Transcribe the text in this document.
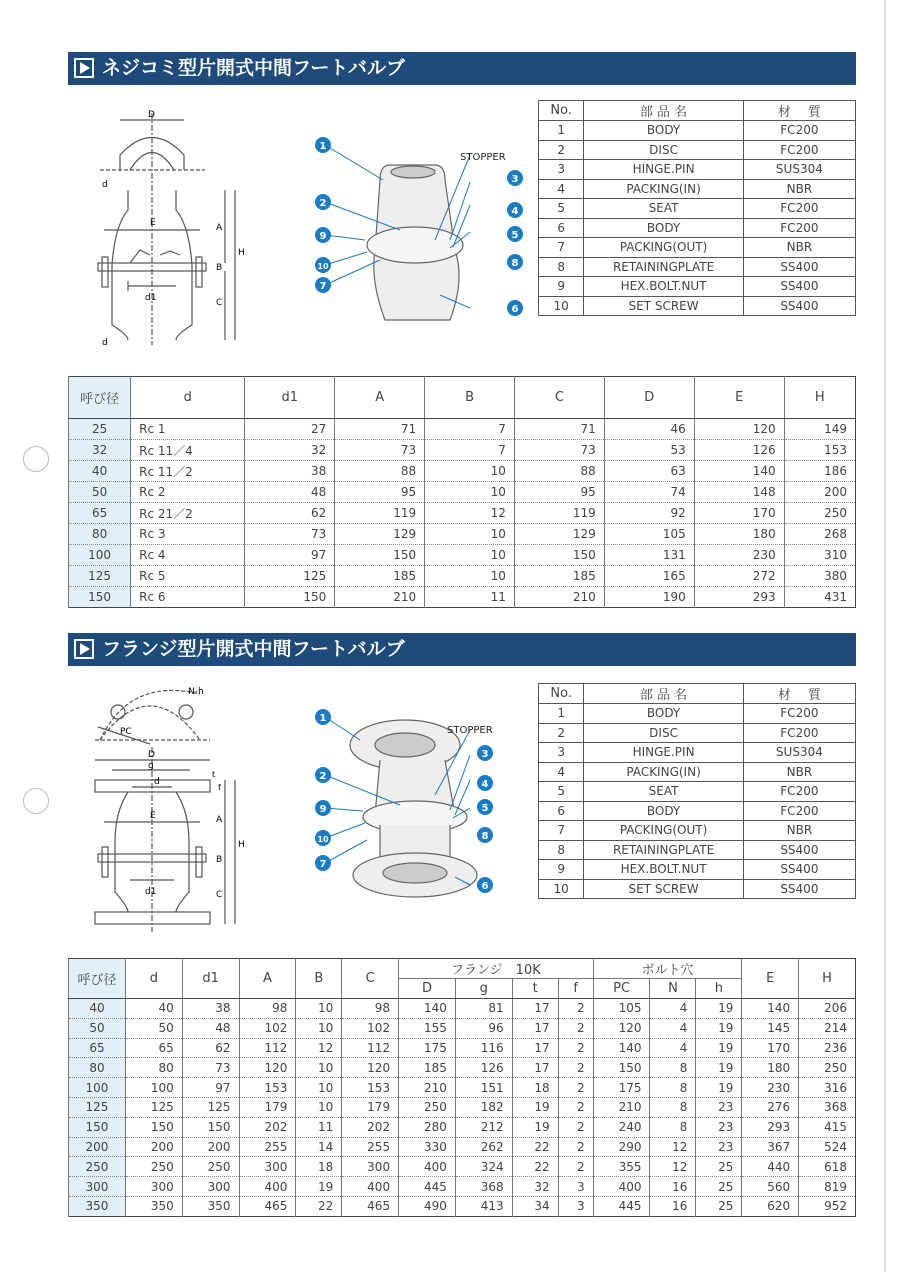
ネジコミ型片開式中間フートバルブ
D
d
d
E
d1
A
B
C
H
STOPPER
1
2
3
4
5
6
7
8
9
10
No.	部 品 名	材　 質
1	BODY	FC200
2	DISC	FC200
3	HINGE.PIN	SUS304
4	PACKING(IN)	NBR
5	SEAT	FC200
6	BODY	FC200
7	PACKING(OUT)	NBR
8	RETAININGPLATE	SS400
9	HEX.BOLT.NUT	SS400
10	SET SCREW	SS400
呼び径	d	d1	A	B	C	D	E	H
25	Rc 1	27	71	7	71	46	120	149
32	Rc 11／4	32	73	7	73	53	126	153
40	Rc 11／2	38	88	10	88	63	140	186
50	Rc 2	48	95	10	95	74	148	200
65	Rc 21／2	62	119	12	119	92	170	250
80	Rc 3	73	129	10	129	105	180	268
100	Rc 4	97	150	10	150	131	230	310
125	Rc 5	125	185	10	185	165	272	380
150	Rc 6	150	210	11	210	190	293	431
フランジ型片開式中間フートバルブ
N-h
PC
D
g
t
f
d
E
d1
A
B
C
H
STOPPER
1
2
3
4
5
6
7
8
9
10
No.	部 品 名	材　 質
1	BODY	FC200
2	DISC	FC200
3	HINGE.PIN	SUS304
4	PACKING(IN)	NBR
5	SEAT	FC200
6	BODY	FC200
7	PACKING(OUT)	NBR
8	RETAININGPLATE	SS400
9	HEX.BOLT.NUT	SS400
10	SET SCREW	SS400
呼び径	d	d1	A	B	C	フランジ　10K				ボルト穴			E	H
						D	g	t	f	PC	N	h		
40	40	38	98	10	98	140	81	17	2	105	4	19	140	206
50	50	48	102	10	102	155	96	17	2	120	4	19	145	214
65	65	62	112	12	112	175	116	17	2	140	4	19	170	236
80	80	73	120	10	120	185	126	17	2	150	8	19	180	250
100	100	97	153	10	153	210	151	18	2	175	8	19	230	316
125	125	125	179	10	179	250	182	19	2	210	8	23	276	368
150	150	150	202	11	202	280	212	19	2	240	8	23	293	415
200	200	200	255	14	255	330	262	22	2	290	12	23	367	524
250	250	250	300	18	300	400	324	22	2	355	12	25	440	618
300	300	300	400	19	400	445	368	32	3	400	16	25	560	819
350	350	350	465	22	465	490	413	34	3	445	16	25	620	952
